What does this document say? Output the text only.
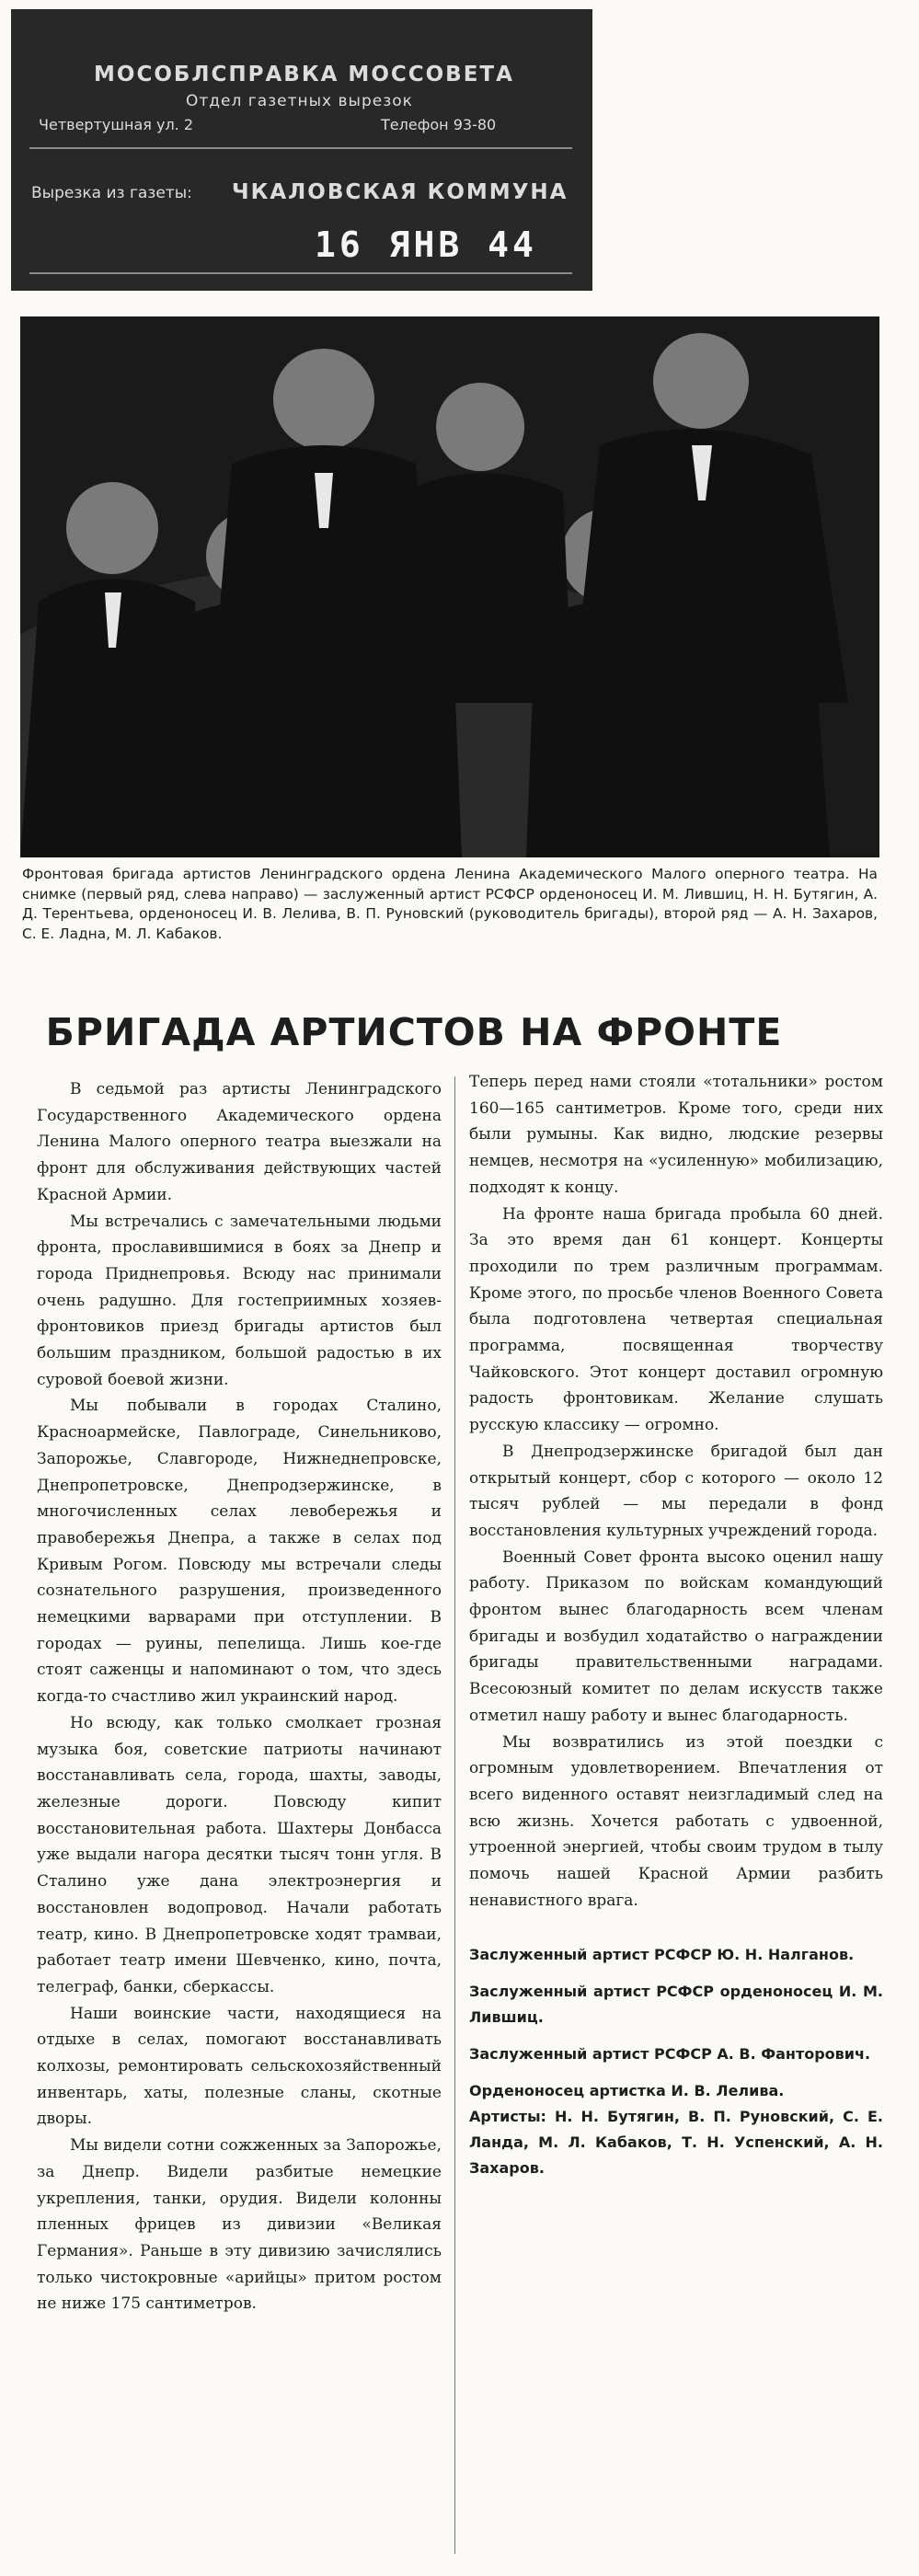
МОСОБЛСПРАВКА МОССОВЕТА
Отдел газетных вырезок
Четвертушная ул. 2	Телефон 93-80
Вырезка из газеты: ЧКАЛОВСКАЯ КОММУНА
16 ЯНВ 44
Фронтовая бригада артистов Ленинградского ордена Ленина Академического Малого оперного театра. На снимке (первый ряд, слева направо) — заслуженный артист РСФСР орденоносец И. М. Лившиц, Н. Н. Бутягин, А. Д. Терентьева, орденоносец И. В. Лелива, В. П. Руновский (руководитель бригады), второй ряд — А. Н. Захаров, С. Е. Ладна, М. Л. Кабаков.
БРИГАДА АРТИСТОВ НА ФРОНТЕ

В седьмой раз артисты Ленинградского Государственного Академического ордена Ленина Малого оперного театра выезжали на фронт для обслуживания действующих частей Красной Армии.

Мы встречались с замечательными людьми фронта, прославившимися в боях за Днепр и города Приднепровья. Всюду нас принимали очень радушно. Для гостеприимных хозяев-фронтовиков приезд бригады артистов был большим праздником, большой радостью в их суровой боевой жизни.

Мы побывали в городах Сталино, Красноармейске, Павлограде, Синельниково, Запорожье, Славгороде, Нижнеднепровске, Днепропетровске, Днепродзержинске, в многочисленных селах левобережья и правобережья Днепра, а также в селах под Кривым Рогом. Повсюду мы встречали следы сознательного разрушения, произведенного немецкими варварами при отступлении. В городах — руины, пепелища. Лишь кое-где стоят саженцы и напоминают о том, что здесь когда-то счастливо жил украинский народ.

Но всюду, как только смолкает грозная музыка боя, советские патриоты начинают восстанавливать села, города, шахты, заводы, железные дороги. Повсюду кипит восстановительная работа. Шахтеры Донбасса уже выдали нагора десятки тысяч тонн угля. В Сталино уже дана электроэнергия и восстановлен водопровод. Начали работать театр, кино. В Днепропетровске ходят трамваи, работает театр имени Шевченко, кино, почта, телеграф, банки, сберкассы.

Наши воинские части, находящиеся на отдыхе в селах, помогают восстанавливать колхозы, ремонтировать сельскохозяйственный инвентарь, хаты, полезные сланы, скотные дворы.

Мы видели сотни сожженных за Запорожье, за Днепр. Видели разбитые немецкие укрепления, танки, орудия. Видели колонны пленных фрицев из дивизии «Великая Германия». Раньше в эту дивизию зачислялись только чистокровные «арийцы» притом ростом не ниже 175 сантиметров.

Теперь перед нами стояли «тотальники» ростом 160—165 сантиметров. Кроме того, среди них были румыны. Как видно, людские резервы немцев, несмотря на «усиленную» мобилизацию, подходят к концу.

На фронте наша бригада пробыла 60 дней. За это время дан 61 концерт. Концерты проходили по трем различным программам. Кроме этого, по просьбе членов Военного Совета была подготовлена четвертая специальная программа, посвященная творчеству Чайковского. Этот концерт доставил огромную радость фронтовикам. Желание слушать русскую классику — огромно.

В Днепродзержинске бригадой был дан открытый концерт, сбор с которого — около 12 тысяч рублей — мы передали в фонд восстановления культурных учреждений города.

Военный Совет фронта высоко оценил нашу работу. Приказом по войскам командующий фронтом вынес благодарность всем членам бригады и возбудил ходатайство о награждении бригады правительственными наградами. Всесоюзный комитет по делам искусств также отметил нашу работу и вынес благодарность.

Мы возвратились из этой поездки с огромным удовлетворением. Впечатления от всего виденного оставят неизгладимый след на всю жизнь. Хочется работать с удвоенной, утроенной энергией, чтобы своим трудом в тылу помочь нашей Красной Армии разбить ненавистного врага.

Заслуженный артист РСФСР Ю. Н. Налганов.
Заслуженный артист РСФСР орденоносец И. М. Лившиц.
Заслуженный артист РСФСР А. В. Фанторович.
Орденоносец артистка И. В. Лелива.
Артисты: Н. Н. Бутягин, В. П. Руновский, С. Е. Ланда, М. Л. Кабаков, Т. Н. Успенский, А. Н. Захаров.
